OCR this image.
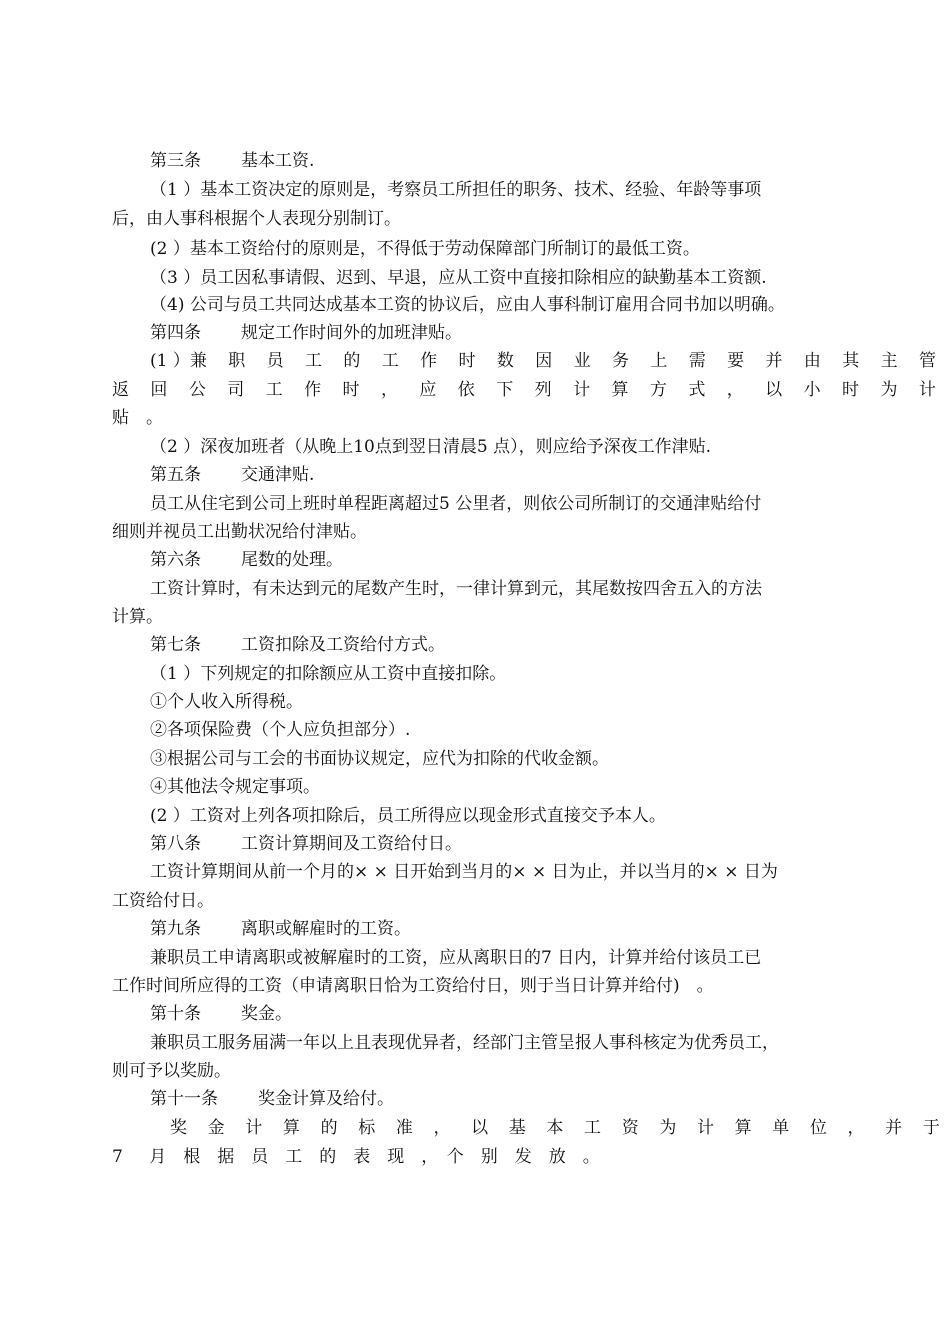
第三条 基本工资.
（1 ）基本工资决定的原则是，考察员工所担任的职务、技术、经验、年龄等事项
后，由人事科根据个人表现分别制订。
(2 ）基本工资给付的原则是，不得低于劳动保障部门所制订的最低工资。
（3 ）员工因私事请假、迟到、早退，应从工资中直接扣除相应的缺勤基本工资额.
（4) 公司与员工共同达成基本工资的协议后，应由人事科制订雇用合同书加以明确。
第四条 规定工作时间外的加班津贴。
(1 ）兼 职 员 工 的 工 作 时 数 因 业 务 上 需 要 并 由 其 主 管
返 回 公 司 工 作 时 ， 应 依 下 列 计 算 方 式 ， 以 小 时 为 计
贴　。
（2 ）深夜加班者（从晚上10点到翌日清晨5 点），则应给予深夜工作津贴.
第五条 交通津贴.
员工从住宅到公司上班时单程距离超过5 公里者，则依公司所制订的交通津贴给付
细则并视员工出勤状况给付津贴。
第六条 尾数的处理。
工资计算时，有未达到元的尾数产生时，一律计算到元，其尾数按四舍五入的方法
计算。
第七条 工资扣除及工资给付方式。
（1 ）下列规定的扣除额应从工资中直接扣除。
①个人收入所得税。
②各项保险费（个人应负担部分）.
③根据公司与工会的书面协议规定，应代为扣除的代收金额。
④其他法令规定事项。
(2 ）工资对上列各项扣除后，员工所得应以现金形式直接交予本人。
第八条 工资计算期间及工资给付日。
工资计算期间从前一个月的× × 日开始到当月的× × 日为止，并以当月的× × 日为
工资给付日。
第九条 离职或解雇时的工资。
兼职员工申请离职或被解雇时的工资，应从离职日的7 日内，计算并给付该员工已
工作时间所应得的工资（申请离职日恰为工资给付日，则于当日计算并给付)　。
第十条 奖金。
兼职员工服务届满一年以上且表现优异者，经部门主管呈报人事科核定为优秀员工，
则可予以奖励。
第十一条 奖金计算及给付。
奖 金 计 算 的 标 准 ， 以 基 本 工 资 为 计 算 单 位 ， 并 于
7　 月　根　据　员　工　的　表　现　，　个　别　发　放　。
